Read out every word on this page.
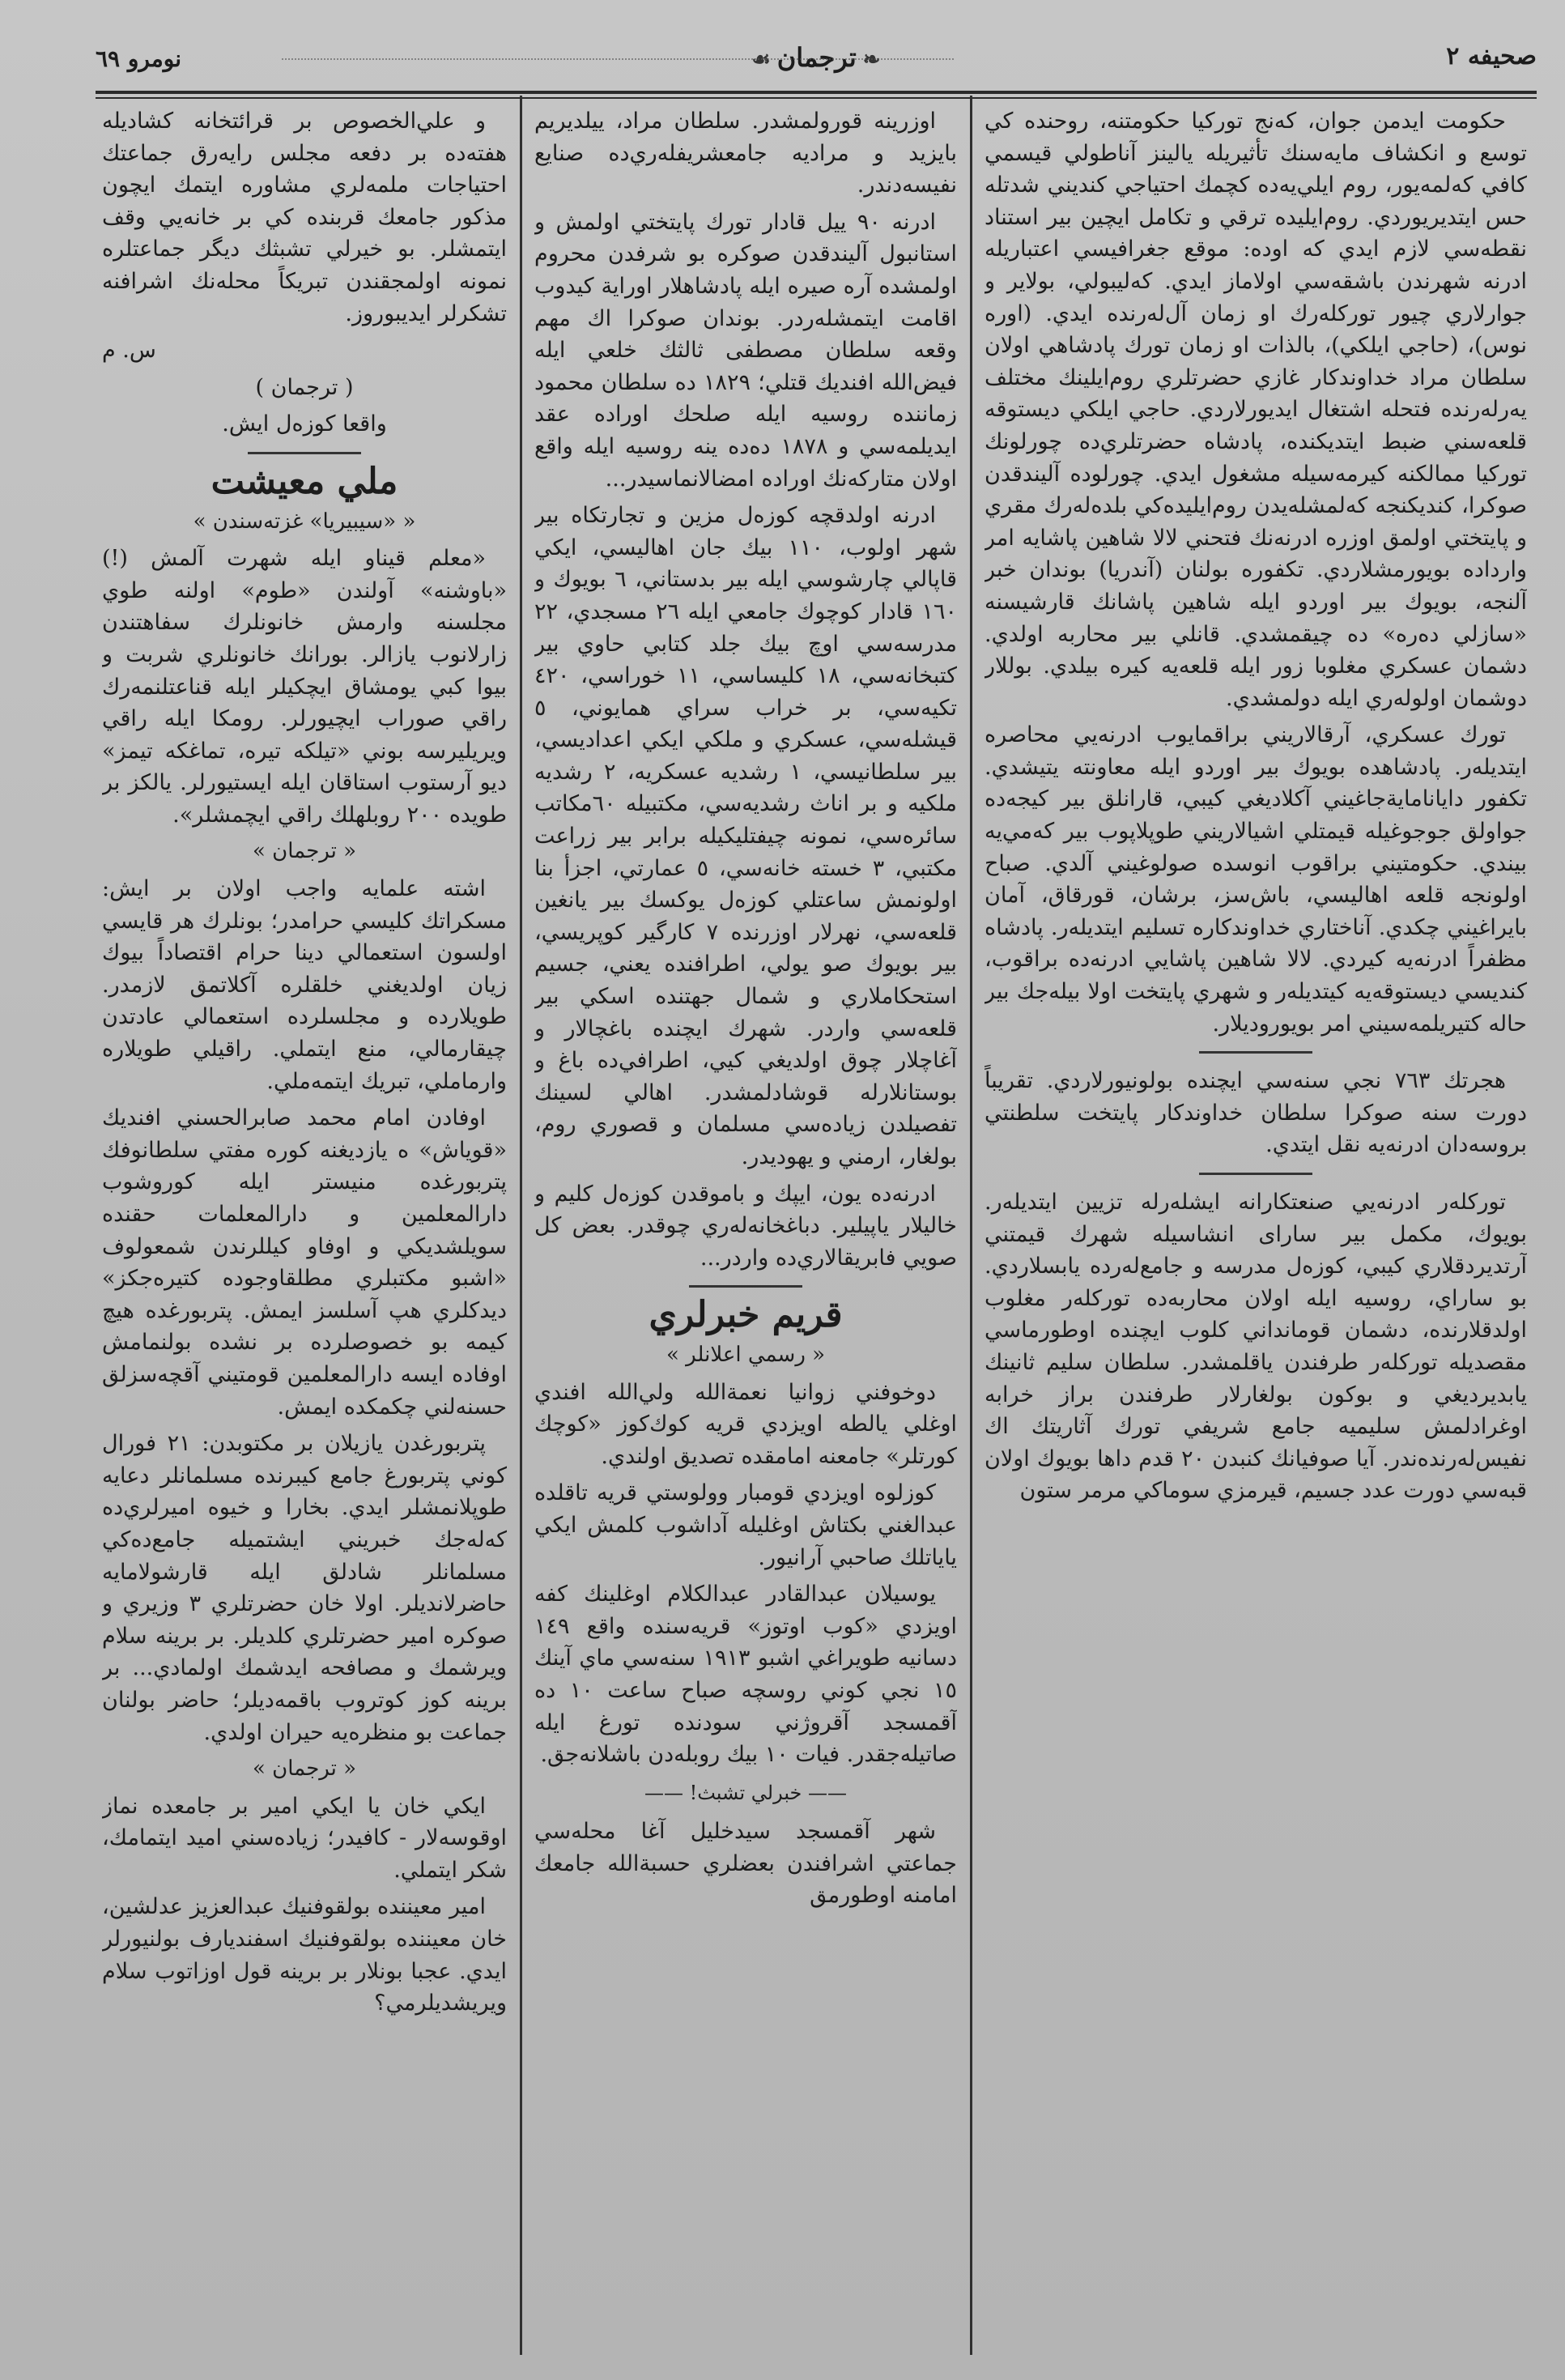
صحيفه ٢
❧ترجمان☙
نومرو ٦٩

حكومت ايدمن جوان، كەنج توركيا حكومتنه، روحنده كي توسع و انكشاف مايەسنك تأثيريله يالينز آناطولي قيسمي كافي كەلمەيور، روم ايلي‌يە‌ده كچمك احتياجي كنديني شدتله حس ايتديريوردي. روم‌ايليده ترقي و تكامل ايچين بير استناد نقطەسي لازم ايدي كه اوده: موقع جغرافيسي اعتباريله ادرنه شهرندن باشقەسي اولاماز ايدي. كەليبولي، بولاير و جوارلاري چيور توركلەرك او زمان آل‌لەرنده ايدي. (اوره نوس)، (حاجي ايلكي)، بالذات او زمان تورك پادشاهي اولان سلطان مراد خداوندكار غازي حضرتلري روم‌ايلينك مختلف يەرلەرنده فتحله اشتغال ايديورلاردي. حاجي ايلكي ديستوقه قلعەسني ضبط ايتديكنده، پادشاه حضرتلري‌ده چورلونك توركيا ممالكنه كيرمەسيله مشغول ايدي. چورلوده آليندقدن صوكرا، كنديكنجه كەلمشلەيدن روم‌ايليده‌كي بلده‌لەرك مقري و پايتختي اولمق اوزره ادرنه‌نك فتحني لالا شاهين پاشايه امر وارداده بويورمشلاردي. تكفوره بولنان (آندريا) بوندان خبر آلنجه، بويوك بير اوردو ايله شاهين پاشانك قارشيسنه «سازلي دەره» ده چيقمشدي. قانلي بير محاربه اولدي. دشمان عسكري مغلوبا زور ايله قلعەيه كيره بيلدي. بوللار دوشمان اولولەري ايله دولمشدي.

تورك عسكري، آرقالاريني براقمايوب ادرنه‌يي محاصره ايتديلەر. پادشاهده بويوك بير اوردو ايله معاونته يتيشدي. تكفور داياناماية‌جاغيني آكلاديغي كيبي، قارانلق بير كيجه‌ده جواولق جوجوغيله قيمتلي اشيالاريني طوپلاپوب بير كەمي‌يه بيندي. حكومتيني براقوب انوسده صولوغيني آلدي. صباح اولونجه قلعه اهاليسي، باش‌سز، برشان، قورقاق، آمان بايراغيني چكدي. آناختاري خداوندكاره تسليم ايتديلەر. پادشاه مظفراً ادرنه‌يه كيردي. لالا شاهين پاشايي ادرنه‌ده براقوب، كنديسي ديستوقه‌يه كيتديلەر و شهري پايتخت اولا بيلەجك بير حاله كتيريلمەسيني امر بويوروديلار.

هجرتك ٧٦٣ نجي سنەسي ايچنده بولونيورلاردي. تقريباً دورت سنه صوكرا سلطان خداوندكار پايتخت سلطنتي بروسه‌دان ادرنه‌يه نقل ايتدي.

توركلەر ادرنه‌يي صنعتكارانه ايشلەرله تزيين ايتديلەر. بويوك، مكمل بير سارای انشاسيله شهرك قيمتني آرتديردقلاري كيبي، كوزەل مدرسه و جامع‌لەرده يابسلاردي. بو ساراي، روسيه ايله اولان محاربه‌ده توركلەر مغلوب اولدقلارنده، دشمان قومانداني كلوب ايچنده اوطورماسي مقصديله توركلەر طرفندن ياقلمشدر. سلطان سليم ثانينك يابديرديغي و بوكون بولغارلار طرفندن براز خرابه اوغرادلمش سليميه جامع شريفي تورك آثاريتك اك نفيس‌لەرندەندر. آيا صوفيانك كنبدن ٢٠ قدم داها بويوك اولان قبه‌سي دورت عدد جسيم، قيرمزي سوماكي مرمر ستون

اوزرينه قورولمشدر. سلطان مراد، ييلديريم بايزيد و مراديه جامعشريفلەري‌ده صنايع نفيسه‌دندر.

ادرنه ٩٠ ييل قادار تورك پايتختي اولمش و استانبول آليندقدن صوكره بو شرفدن محروم اولمشده آره صيره ايله پادشاهلار اوراية كيدوب اقامت ايتمشلەردر. بوندان صوكرا اك مهم وقعه سلطان مصطفى ثالثك خلعي ايله فيض‌الله افنديك قتلي؛ ١٨٢٩ ده سلطان محمود زماننده روسيه ايله صلحك اوراده عقد ايديلمەسي و ١٨٧٨ دەده ينه روسيه ايله واقع اولان متاركەنك اوراده امضالانماسيدر...

ادرنه اولدقچه كوزەل مزين و تجارتكاه بير شهر اولوب، ١١٠ بيك جان اهاليسي، ايكي قاپالي چارشوسي ايله بير بدستاني، ٦ بويوك و ١٦٠ قادار كوچوك جامعي ايله ٢٦ مسجدي، ٢٢ مدرسەسي اوچ بيك جلد كتابي حاوي بير كتبخانەسي، ١٨ كليساسي، ١١ خوراسي، ٤٢٠ تكيەسي، بر خراب سراي همايوني، ٥ قيشلەسي، عسكري و ملكي ايكي اعداديسي، بير سلطانيسي، ١ رشديه عسكريه، ٢ رشديه ملكيه و بر اناث رشديەسي، مكتبيله ٦٠مكاتب سائرەسي، نمونه چيفتليكيله برابر بير زراعت مكتبي، ٣ خسته خانەسي، ٥ عمارتي، اجزأ بنا اولونمش ساعتلي كوزەل يوكسك بير يانغين قلعەسي، نهرلار اوزرنده ٧ كارگير كوپريسي، بير بويوك صو يولي، اطرافنده يعني، جسيم استحكاملاري و شمال جهتنده اسكي بير قلعەسي واردر. شهرك ايچنده باغچالار و آغاچلار چوق اولديغي كيي، اطرافي‌ده باغ و بوستانلارله قوشادلمشدر. اهالي لسينك تفصيلدن زيادەسي مسلمان و قصوري روم، بولغار، ارمني و يهوديدر.

ادرنه‌ده يون، ايپك و باموقدن كوزەل كليم و خاليلار ياپيلير. دباغخانەلەري چوقدر. بعض كل صويي فابريقالاري‌ده واردر...

قريم خبرلري
« رسمي اعلانلر »

دوخوفني زوانيا نعمةالله ولي‌الله افندي اوغلي يالطه اويزدي قريه كوك‌كوز «كوچك كورتلر» جامعنه امامقده تصديق اولندي.

كوزلوه اويزدي قومبار وولوستي قريه تاقلده عبدالغني بكتاش اوغليله آداشوب كلمش ايكي ياياتلك صاحبي آرانيور.

يوسيلان عبدالقادر عبدالكلام اوغلينك كفه اويزدي «كوب اوتوز» قريه‌سنده واقع ١٤٩ دسانيه طويراغي اشبو ١٩١٣ سنه‌سي ماي آينك ١٥ نجي كوني روسچه صباح ساعت ١٠ ده آقمسجد آقروژني سودنده تورغ ايله صاتيله‌جقدر. فيات ١٠ بيك روبله‌دن باشلانه‌جق.

—— خبرلي تشبث! ——

شهر آقمسجد سيدخليل آغا محلەسي جماعتي اشرافندن بعضلري حسبةالله جامعك امامنه اوطورمق

و علي‌الخصوص بر قرائتخانه كشاديله هفته‌ده بر دفعه مجلس رايه‌رق جماعتك احتياجات ملمه‌لري مشاوره ايتمك ايچون مذكور جامعك قربنده كي بر خانه‌يي وقف ايتمشلر. بو خيرلي تشبثك ديگر جماعتلره نمونه اولمجقندن تبريكاً محله‌نك اشرافنه تشكرلر ايديبوروز.

س. م
( ترجمان )
واقعا كوزەل ايش.
ملي معيشت
« «سيبيريا» غزته‌سندن »

«معلم قيناو ايله شهرت آلمش (!) «باوشنه» آولندن «طوم» اولنه طوي مجلسنه وارمش خانونلرك سفاهتندن زارلانوب يازالر. بورانك خانونلري شربت و بيوا كبي يومشاق ايچكيلر ايله قناعتلنمەرك راقي صوراب ايچيورلر. رومكا ايله راقي ويريليرسه بوني «تيلكه تيره، تماغكه تيمز» ديو آرستوب استاقان ايله ايستيورلر. يالكز بر طويده ٢٠٠ روبلهلك راقي ايچمشلر».

« ترجمان »

اشته علمايه واجب اولان بر ايش: مسكراتك كليسي حرامدر؛ بونلرك هر قايسي اولسون استعمالي دينا حرام اقتصاداً بيوك زيان اولديغني خلقلره آكلاتمق لازمدر. طويلارده و مجلسلرده استعمالي عادتدن چيقارمالي، منع ايتملي. راقيلي طويلاره وارماملي، تبريك ايتمەملي.

اوفادن امام محمد صابرالحسني افنديك «قوياش» ه يازديغنه كوره مفتي سلطانوفك پتربورغده منيستر ايله كوروشوب دارالمعلمين و دارالمعلمات حقنده سويلشديكي و اوفاو كيللرندن شمعولوف «اشبو مكتبلري مطلقاوجوده كتيرەجكز» ديدكلري هپ آسلسز ايمش. پتربورغده هيچ كيمه بو خصوصلرده بر نشده بولنمامش اوفاده ايسه دارالمعلمين قومتيني آقچه‌سزلق حسنەلني چكمكده ايمش.

پتربورغدن يازيلان بر مكتوبدن: ٢١ فورال كوني پتربورغ جامع كيبرنده مسلمانلر دعايه طوپلانمشلر ايدي. بخارا و خيوه اميرلري‌ده كەلەجك خبريني ايشتميله جامع‌ده‌كي مسلمانلر شادلق ايله قارشولامايه حاضرلانديلر. اولا خان حضرتلري ٣ وزيري و صوكره امير حضرتلري كلديلر. بر برينه سلام ويرشمك و مصافحه ايدشمك اولمادي... بر برينه كوز كوتروب باقمەديلر؛ حاضر بولنان جماعت بو منظره‌يه حيران اولدي.

« ترجمان »

ايكي خان يا ايكي امير بر جامعده نماز اوقوسەلار - كافيدر؛ زيادەسني اميد ايتمامك، شكر ايتملي.

امير معيننده بولقوفنيك عبدالعزيز عدلشين، خان معيننده بولقوفنيك اسفنديارف بولنيورلر ايدي. عجبا بونلار بر برينه قول اوزاتوب سلام ويريشديلرمي؟
